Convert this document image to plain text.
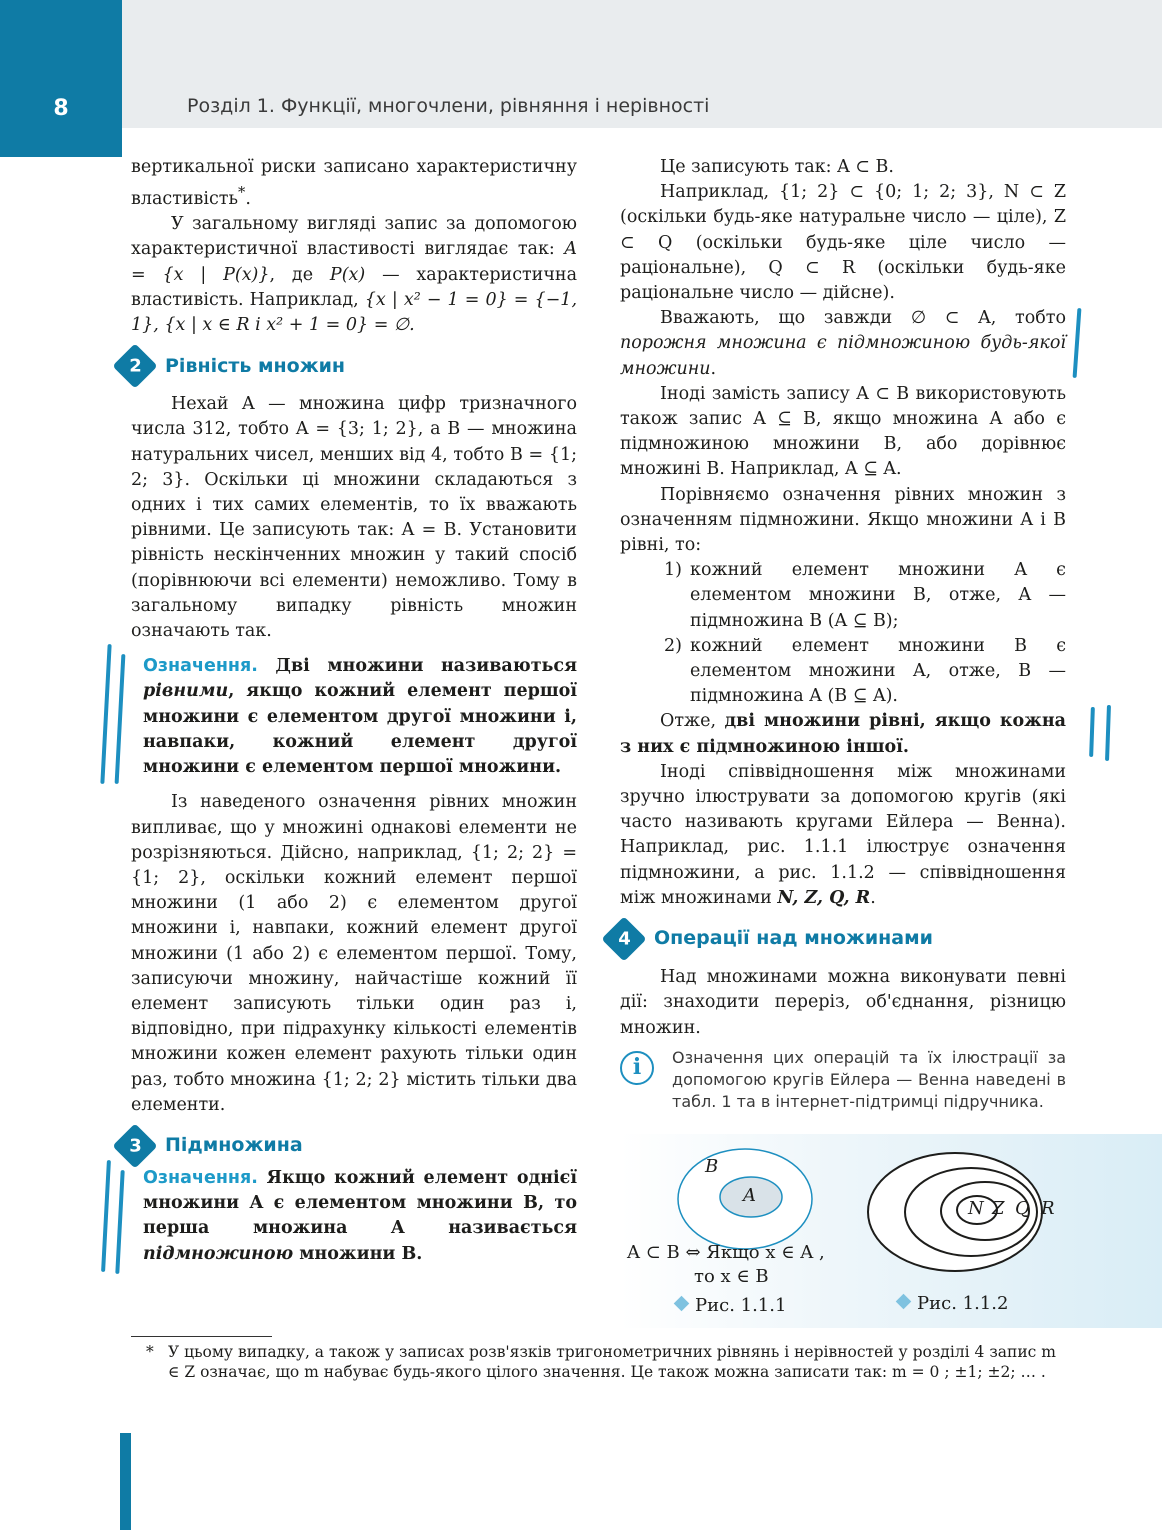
8	Розділ 1. Функції, многочлени, рівняння і нерівності

вертикальної риски записано характеристичну властивість*.

У загальному вигляді запис за допомогою характеристичної властивості виглядає так: A = {x | P(x)}, де P(x) — характеристична властивість. Наприклад, {x | x² − 1 = 0} = {−1, 1}, {x | x ∈ R і x² + 1 = 0} = ∅.

2 Рівність множин

Нехай A — множина цифр тризначного числа 312, тобто A = {3; 1; 2}, а B — множина натуральних чисел, менших від 4, тобто B = {1; 2; 3}. Оскільки ці множини складаються з одних і тих самих елементів, то їх вважають рівними. Це записують так: A = B. Установити рівність нескінченних множин у такий спосіб (порівнюючи всі елементи) неможливо. Тому в загальному випадку рівність множин означають так.

Означення. Дві множини називаються рівними, якщо кожний елемент першої множини є елементом другої множини і, навпаки, кожний елемент другої множини є елементом першої множини.

Із наведеного означення рівних множин випливає, що у множині однакові елементи не розрізняються. Дійсно, наприклад, {1; 2; 2} = {1; 2}, оскільки кожний елемент першої множини (1 або 2) є елементом другої множини і, навпаки, кожний елемент другої множини (1 або 2) є елементом першої. Тому, записуючи множину, найчастіше кожний її елемент записують тільки один раз і, відповідно, при підрахунку кількості елементів множини кожен елемент рахують тільки один раз, тобто множина {1; 2; 2} містить тільки два елементи.

3 Підмножина

Означення. Якщо кожний елемент однієї множини A є елементом множини B, то перша множина A називається підмножиною множини B.

Це записують так: A ⊂ B.

Наприклад, {1; 2} ⊂ {0; 1; 2; 3}, N ⊂ Z (оскільки будь-яке натуральне число — ціле), Z ⊂ Q (оскільки будь-яке ціле число — раціональне), Q ⊂ R (оскільки будь-яке раціональне число — дійсне).

Вважають, що завжди ∅ ⊂ A, тобто порожня множина є підмножиною будь-якої множини.

Іноді замість запису A ⊂ B використовують також запис A ⊆ B, якщо множина A або є підмножиною множини B, або дорівнює множині B. Наприклад, A ⊆ A.

Порівняємо означення рівних множин з означенням підмножини. Якщо множини A і B рівні, то:

1) кожний елемент множини A є елементом множини B, отже, A — підмножина B (A ⊆ B);
2) кожний елемент множини B є елементом множини A, отже, B — підмножина A (B ⊆ A).

Отже, дві множини рівні, якщо кожна з них є підмножиною іншої.

Іноді співвідношення між множинами зручно ілюструвати за допомогою кругів (які часто називають кругами Ейлера — Венна). Наприклад, рис. 1.1.1 ілюструє означення підмножини, а рис. 1.1.2 — співвідношення між множинами N, Z, Q, R.

4 Операції над множинами

Над множинами можна виконувати певні дії: знаходити переріз, об'єднання, різницю множин.

i	Означення цих операцій та їх ілюстрації за допомогою кругів Ейлера — Венна наведені в табл. 1 та в інтернет-підтримці підручника.
B
A
A ⊂ B ⇔ Якщо x ∈ A ,
то x ∈ B
Рис. 1.1.1
N Z Q R
Рис. 1.1.2
* У цьому випадку, а також у записах розв'язків тригонометричних рівнянь і нерівностей у розділі 4 запис m ∈ Z означає, що m набуває будь-якого цілого значення. Це також можна записати так: m = 0 ; ±1; ±2; … .
